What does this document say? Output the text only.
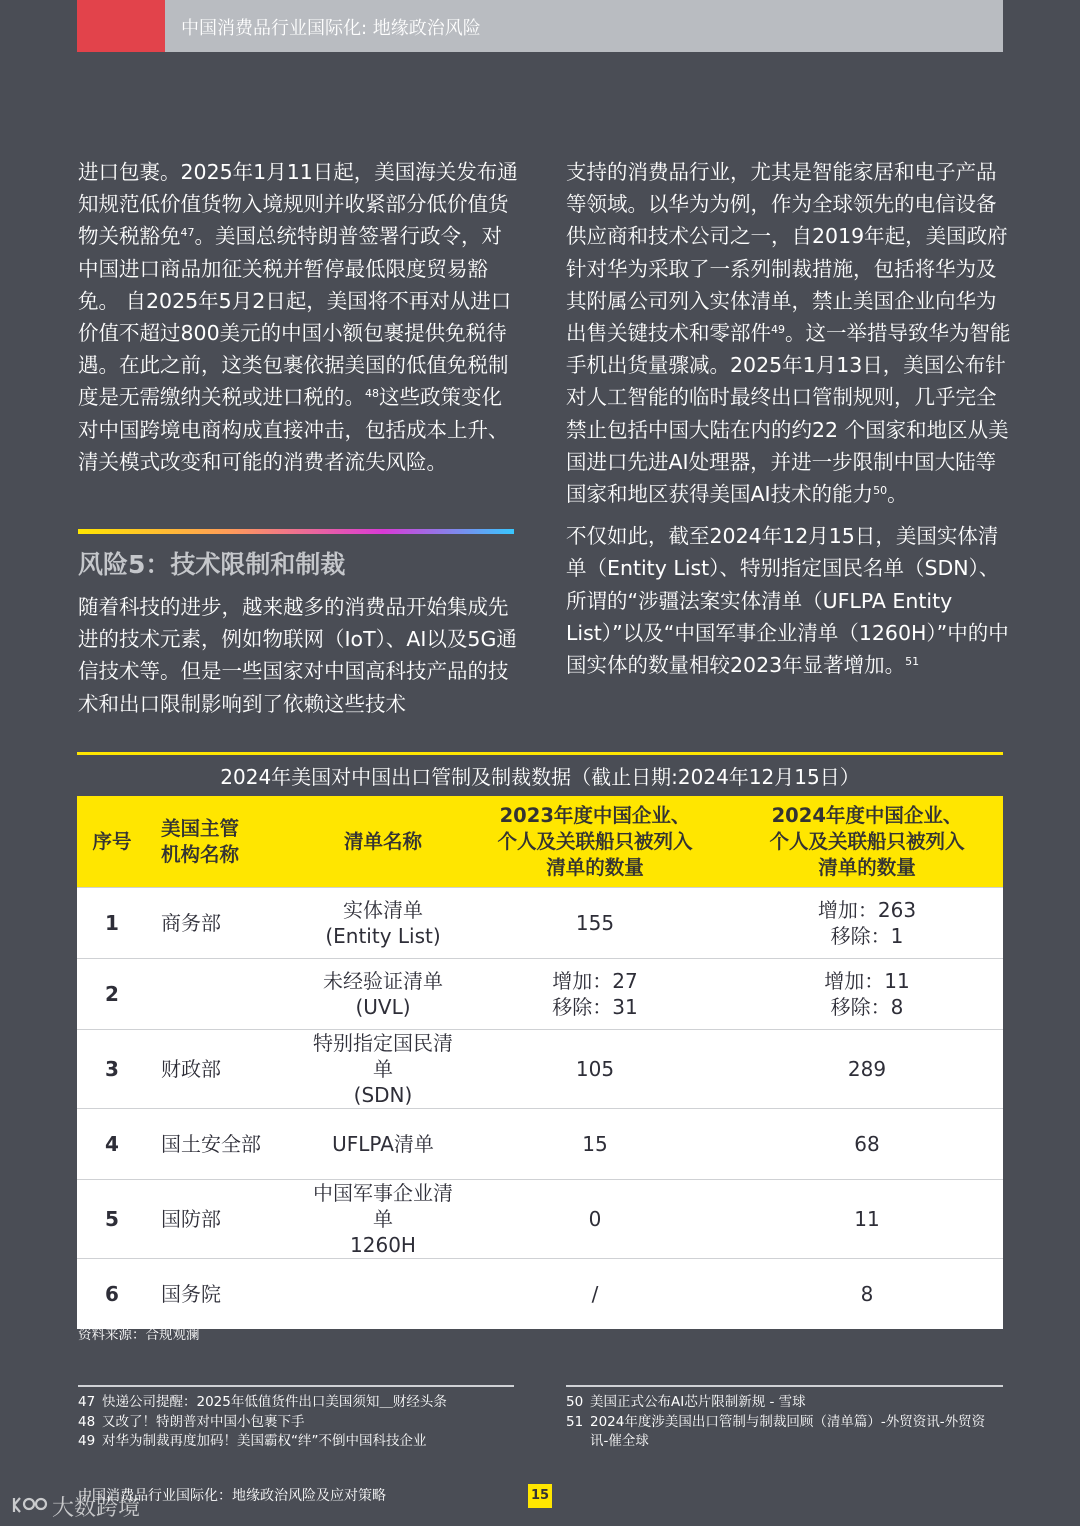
中国消费品行业国际化: 地缘政治风险

进口包裹。2025年1月11日起，美国海关发布通知规范低价值货物入境规则并收紧部分低价值货物关税豁免$^{47}$。美国总统特朗普签署行政令，对中国进口商品加征关税并暂停最低限度贸易豁免。 自2025年5月2日起，美国将不再对从进口价值不超过800美元的中国小额包裹提供免税待遇。在此之前，这类包裹依据美国的低值免税制度是无需缴纳关税或进口税的。$^{48}$这些政策变化对中国跨境电商构成直接冲击，包括成本上升、清关模式改变和可能的消费者流失风险。

风险5：技术限制和制裁

随着科技的进步，越来越多的消费品开始集成先进的技术元素，例如物联网（IoT）、AI以及5G通信技术等。但是一些国家对中国高科技产品的技术和出口限制影响到了依赖这些技术

支持的消费品行业，尤其是智能家居和电子产品等领域。以华为为例，作为全球领先的电信设备供应商和技术公司之一，自2019年起，美国政府针对华为采取了一系列制裁措施，包括将华为及其附属公司列入实体清单，禁止美国企业向华为出售关键技术和零部件$^{49}$。这一举措导致华为智能手机出货量骤减。2025年1月13日，美国公布针对人工智能的临时最终出口管制规则，几乎完全禁止包括中国大陆在内的约22 个国家和地区从美国进口先进AI处理器，并进一步限制中国大陆等国家和地区获得美国AI技术的能力$^{50}$。

不仅如此，截至2024年12月15日，美国实体清单（Entity List）、特别指定国民名单（SDN）、所谓的“涉疆法案实体清单（UFLPA Entity List）”以及“中国军事企业清单（1260H）”中的中国实体的数量相较2023年显著增加。$^{51}$

2024年美国对中国出口管制及制裁数据（截止日期:2024年12月15日）
序号	美国主管
机构名称	清单名称	2023年度中国企业、
个人及关联船只被列入
清单的数量	2024年度中国企业、
个人及关联船只被列入
清单的数量
1	商务部	实体清单
(Entity List)	155	增加：263
移除：1
2		未经验证清单
(UVL)	增加：27
移除：31	增加：11
移除：8
3	财政部	特别指定国民清单
(SDN)	105	289
4	国土安全部	UFLPA清单	15	68
5	国防部	中国军事企业清单
1260H	0	11
6	国务院		/	8
资料来源：合规观澜
47 快递公司提醒：2025年低值货件出口美国须知＿财经头条
48 又改了！特朗普对中国小包裹下手
49 对华为制裁再度加码！美国霸权“绊”不倒中国科技企业
50 美国正式公布AI芯片限制新规 - 雪球
51 2024年度涉美国出口管制与制裁回顾（清单篇）-外贸资讯-外贸资讯-催全球
中国消费品行业国际化：地缘政治风险及应对策略	15
大数跨境
